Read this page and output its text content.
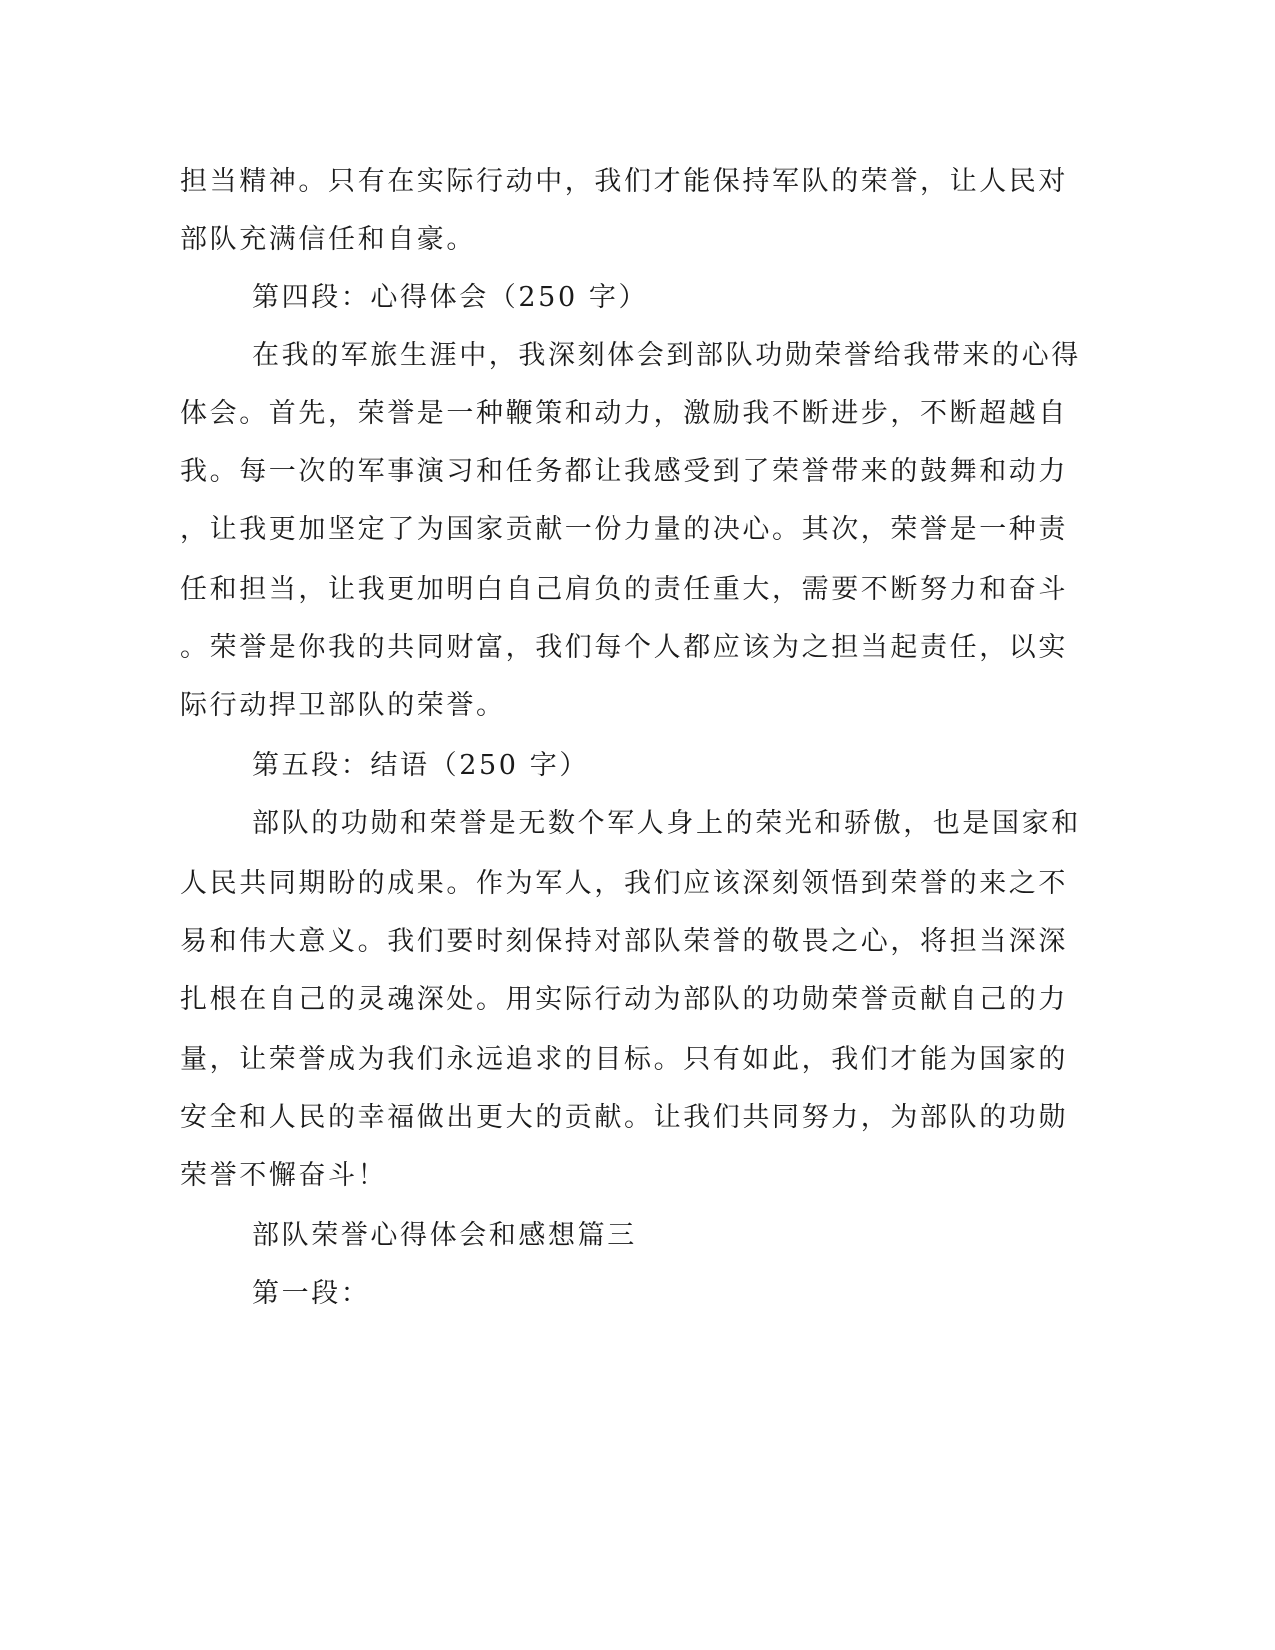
担当精神。只有在实际行动中，我们才能保持军队的荣誉，让人民对

部队充满信任和自豪。

第四段：心得体会（250 字）

在我的军旅生涯中，我深刻体会到部队功勋荣誉给我带来的心得

体会。首先，荣誉是一种鞭策和动力，激励我不断进步，不断超越自

我。每一次的军事演习和任务都让我感受到了荣誉带来的鼓舞和动力

，让我更加坚定了为国家贡献一份力量的决心。其次，荣誉是一种责

任和担当，让我更加明白自己肩负的责任重大，需要不断努力和奋斗

。荣誉是你我的共同财富，我们每个人都应该为之担当起责任，以实

际行动捍卫部队的荣誉。

第五段：结语（250 字）

部队的功勋和荣誉是无数个军人身上的荣光和骄傲，也是国家和

人民共同期盼的成果。作为军人，我们应该深刻领悟到荣誉的来之不

易和伟大意义。我们要时刻保持对部队荣誉的敬畏之心，将担当深深

扎根在自己的灵魂深处。用实际行动为部队的功勋荣誉贡献自己的力

量，让荣誉成为我们永远追求的目标。只有如此，我们才能为国家的

安全和人民的幸福做出更大的贡献。让我们共同努力，为部队的功勋

荣誉不懈奋斗！

部队荣誉心得体会和感想篇三

第一段：
